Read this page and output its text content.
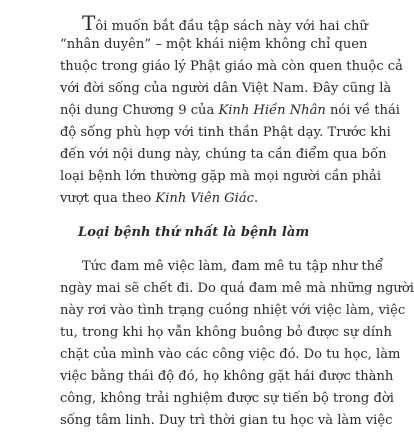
Tôi muốn bắt đầu tập sách này với hai chữ
“nhân duyên” – một khái niệm không chỉ quen
thuộc trong giáo lý Phật giáo mà còn quen thuộc cả
với đời sống của người dân Việt Nam. Đây cũng là
nội dung Chương 9 của Kinh Hiền Nhân nói về thái
độ sống phù hợp với tinh thần Phật dạy. Trước khi
đến với nội dung này, chúng ta cần điểm qua bốn
loại bệnh lớn thường gặp mà mọi người cần phải
vượt qua theo Kinh Viên Giác.
Loại bệnh thứ nhất là bệnh làm
Tức đam mê việc làm, đam mê tu tập như thể
ngày mai sẽ chết đi. Do quá đam mê mà những người
này rơi vào tình trạng cuồng nhiệt với việc làm, việc
tu, trong khi họ vẫn không buông bỏ được sự dính
chặt của mình vào các công việc đó. Do tu học, làm
việc bằng thái độ đó, họ không gặt hái được thành
công, không trải nghiệm được sự tiến bộ trong đời
sống tâm linh. Duy trì thời gian tu học và làm việc
